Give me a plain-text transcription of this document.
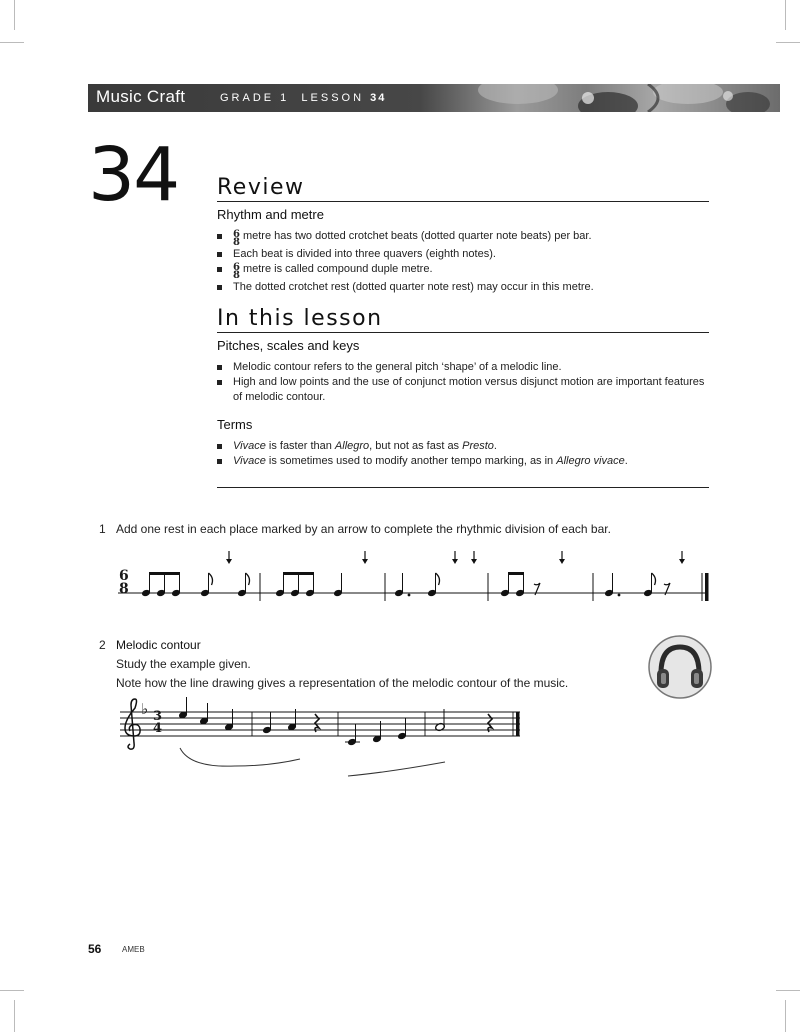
Music Craft	GRADE 1 LESSON 34
34 Review
Rhythm and metre
6
8
metre has two dotted crotchet beats (dotted quarter note beats) per bar.
Each beat is divided into three quavers (eighth notes).
6
8
metre is called compound duple metre.
The dotted crotchet rest (dotted quarter note rest) may occur in this metre.
In this lesson
Pitches, scales and keys
Melodic contour refers to the general pitch ‘shape’ of a melodic line.
High and low points and the use of conjunct motion versus disjunct motion are important features of melodic contour.
Terms
Vivace is faster than Allegro, but not as fast as Presto.
Vivace is sometimes used to modify another tempo marking, as in Allegro vivace.
1 Add one rest in each place marked by an arrow to complete the rhythmic division of each bar.
6
8
2 Melodic contour
Study the example given.
Note how the line drawing gives a representation of the melodic contour of the music.
♭ 3
4
56	AMEB
